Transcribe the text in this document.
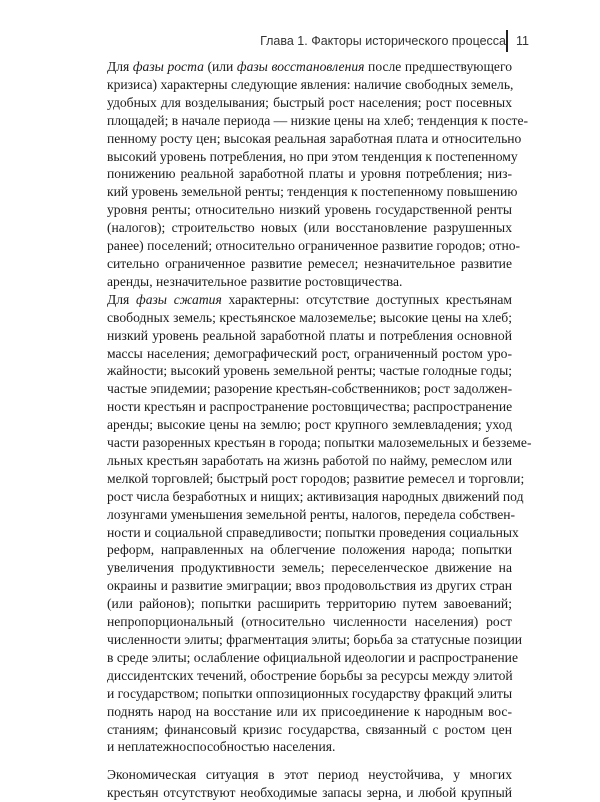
Глава 1. Факторы исторического процесса 11

Для фазы роста (или фазы восстановления после предшествующего
кризиса) характерны следующие явления: наличие свободных земель,
удобных для возделывания; быстрый рост населения; рост посевных
площадей; в начале периода — низкие цены на хлеб; тенденция к посте-
пенному росту цен; высокая реальная заработная плата и относительно
высокий уровень потребления, но при этом тенденция к постепенному
понижению реальной заработной платы и уровня потребления; низ-
кий уровень земельной ренты; тенденция к постепенному повышению
уровня ренты; относительно низкий уровень государственной ренты
(налогов); строительство новых (или восстановление разрушенных
ранее) поселений; относительно ограниченное развитие городов; отно-
сительно ограниченное развитие ремесел; незначительное развитие
аренды, незначительное развитие ростовщичества.

Для фазы сжатия характерны: отсутствие доступных крестьянам
свободных земель; крестьянское малоземелье; высокие цены на хлеб;
низкий уровень реальной заработной платы и потребления основной
массы населения; демографический рост, ограниченный ростом уро-
жайности; высокий уровень земельной ренты; частые голодные годы;
частые эпидемии; разорение крестьян-собственников; рост задолжен-
ности крестьян и распространение ростовщичества; распространение
аренды; высокие цены на землю; рост крупного землевладения; уход
части разоренных крестьян в города; попытки малоземельных и безземе-
льных крестьян заработать на жизнь работой по найму, ремеслом или
мелкой торговлей; быстрый рост городов; развитие ремесел и торговли;
рост числа безработных и нищих; активизация народных движений под
лозунгами уменьшения земельной ренты, налогов, передела собствен-
ности и социальной справедливости; попытки проведения социальных
реформ, направленных на облегчение положения народа; попытки
увеличения продуктивности земель; переселенческое движение на
окраины и развитие эмиграции; ввоз продовольствия из других стран
(или районов); попытки расширить территорию путем завоеваний;
непропорциональный (относительно численности населения) рост
численности элиты; фрагментация элиты; борьба за статусные позиции
в среде элиты; ослабление официальной идеологии и распространение
диссидентских течений, обострение борьбы за ресурсы между элитой
и государством; попытки оппозиционных государству фракций элиты
поднять народ на восстание или их присоединение к народным вос-
станиям; финансовый кризис государства, связанный с ростом цен
и неплатежноспособностью населения.

Экономическая ситуация в этот период неустойчива, у многих
крестьян отсутствуют необходимые запасы зерна, и любой крупный
